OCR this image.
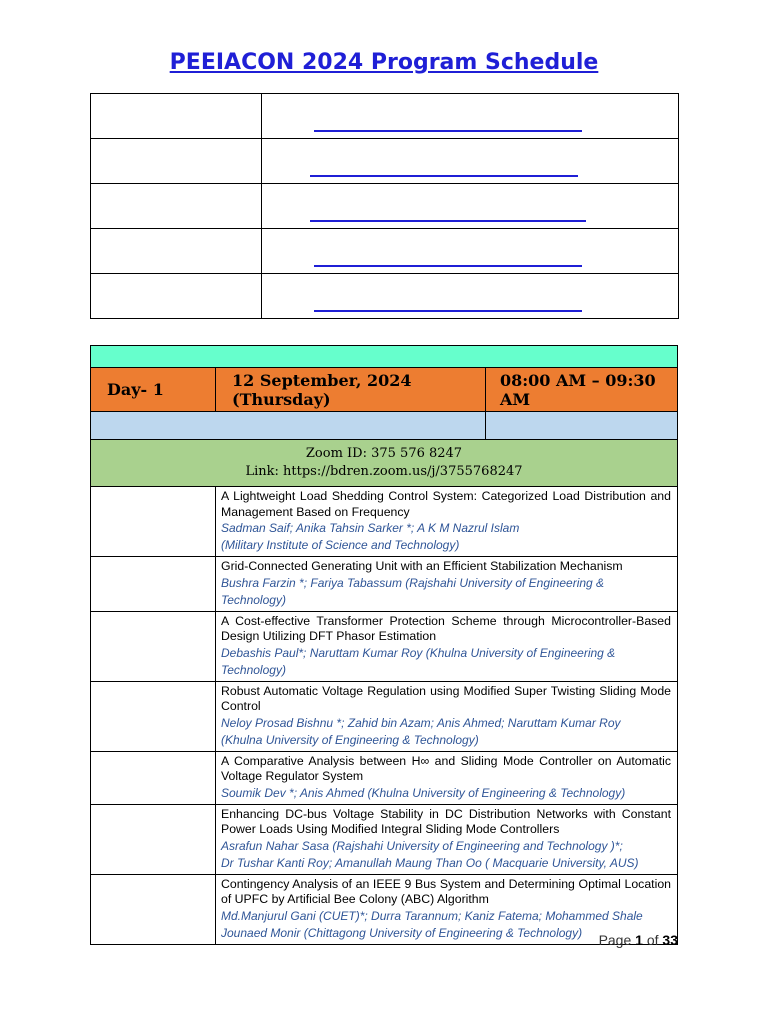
PEEIACON 2024 Program Schedule

Day- 1	12 September, 2024 (Thursday)	08:00 AM – 09:30 AM

Zoom ID: 375 576 8247
Link: https://bdren.zoom.us/j/3755768247		

	A Lightweight Load Shedding Control System: Categorized Load Distribution and Management Based on Frequency
Sadman Saif; Anika Tahsin Sarker *; A K M Nazrul Islam
(Military Institute of Science and Technology)	

	Grid-Connected Generating Unit with an Efficient Stabilization Mechanism
Bushra Farzin *; Fariya Tabassum (Rajshahi University of Engineering & Technology)	

	A Cost-effective Transformer Protection Scheme through Microcontroller-Based Design Utilizing DFT Phasor Estimation
Debashis Paul*; Naruttam Kumar Roy (Khulna University of Engineering & Technology)	

	Robust Automatic Voltage Regulation using Modified Super Twisting Sliding Mode Control
Neloy Prosad Bishnu *; Zahid bin Azam; Anis Ahmed; Naruttam Kumar Roy
(Khulna University of Engineering & Technology)	

	A Comparative Analysis between H∞ and Sliding Mode Controller on Automatic Voltage Regulator System
Soumik Dev *; Anis Ahmed (Khulna University of Engineering & Technology)	

	Enhancing DC-bus Voltage Stability in DC Distribution Networks with Constant Power Loads Using Modified Integral Sliding Mode Controllers
Asrafun Nahar Sasa (Rajshahi University of Engineering and Technology )*;
Dr Tushar Kanti Roy; Amanullah Maung Than Oo ( Macquarie University, AUS)	

	Contingency Analysis of an IEEE 9 Bus System and Determining Optimal Location of UPFC by Artificial Bee Colony (ABC) Algorithm
Md.Manjurul Gani (CUET)*; Durra Tarannum; Kaniz Fatema; Mohammed Shale Jounaed Monir (Chittagong University of Engineering & Technology)		Page 1 of 33
